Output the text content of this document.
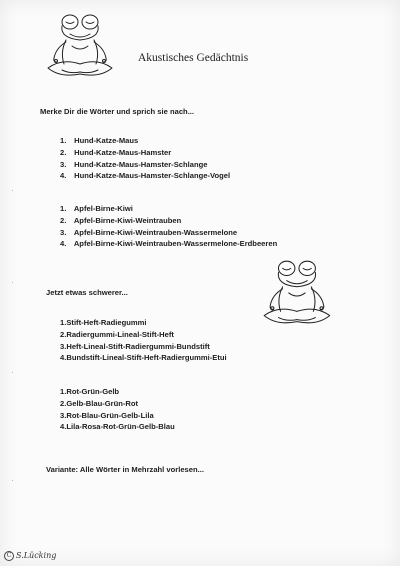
Akustisches Gedächtnis
Merke Dir die Wörter und sprich sie nach...
1. Hund-Katze-Maus
2. Hund-Katze-Maus-Hamster
3. Hund-Katze-Maus-Hamster-Schlange
4. Hund-Katze-Maus-Hamster-Schlange-Vogel
1. Apfel-Birne-Kiwi
2. Apfel-Birne-Kiwi-Weintrauben
3. Apfel-Birne-Kiwi-Weintrauben-Wassermelone
4. Apfel-Birne-Kiwi-Weintrauben-Wassermelone-Erdbeeren
Jetzt etwas schwerer...
1.Stift-Heft-Radiegummi
2.Radiergummi-Lineal-Stift-Heft
3.Heft-Lineal-Stift-Radiergummi-Bundstift
4.Bundstift-Lineal-Stift-Heft-Radiergummi-Etui
1.Rot-Grün-Gelb
2.Gelb-Blau-Grün-Rot
3.Rot-Blau-Grün-Gelb-Lila
4.Lila-Rosa-Rot-Grün-Gelb-Blau
Variante: Alle Wörter in Mehrzahl vorlesen...
C S.Lücking
